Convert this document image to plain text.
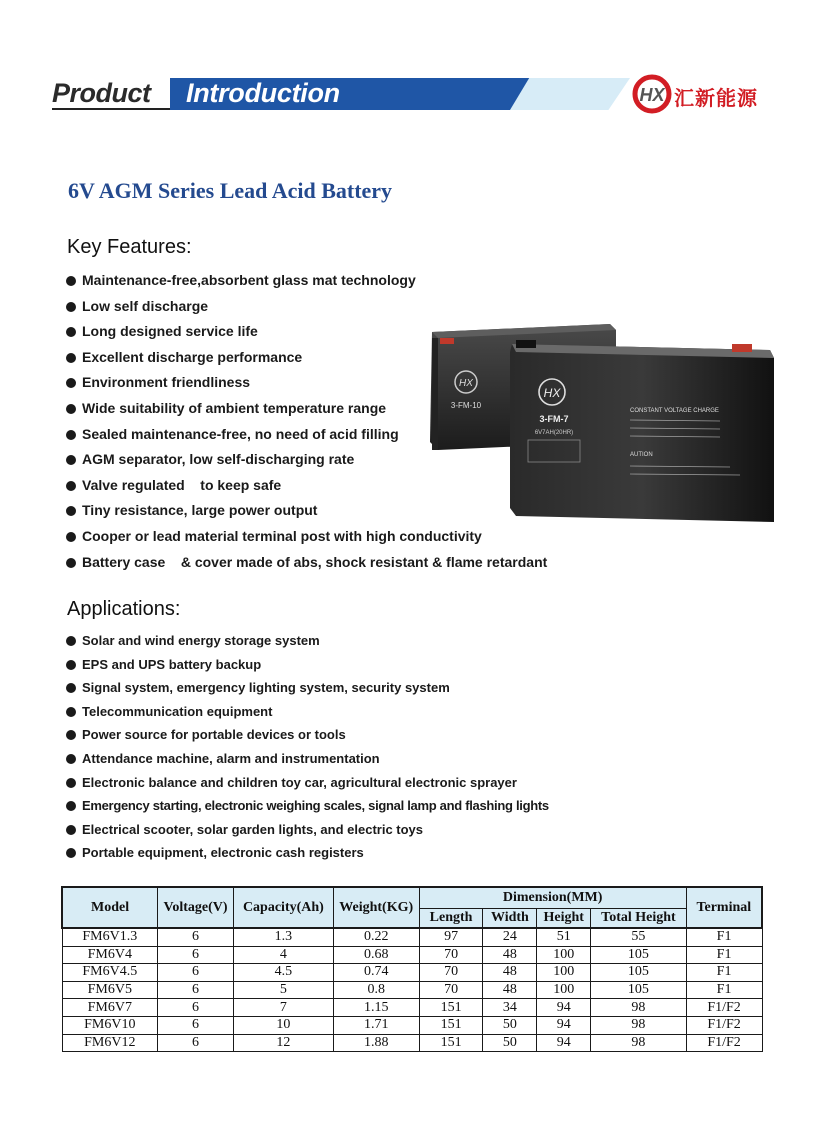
Product Introduction	HX 汇新能源
6V AGM Series Lead Acid Battery
Key Features:
Maintenance-free,absorbent glass mat technology
Low self discharge
Long designed service life
Excellent discharge performance
Environment friendliness
Wide suitability of ambient temperature range
Sealed maintenance-free, no need of acid filling
AGM separator, low self-discharging rate
Valve regulated    to keep safe
Tiny resistance, large power output
Cooper or lead material terminal post with high conductivity
Battery case    & cover made of abs, shock resistant & flame retardant
HX
3-FM-10
HX
3-FM-7
6V7AH(20HR)
CONSTANT VOLTAGE CHARGE
AUTION
Applications:
Solar and wind energy storage system
EPS and UPS battery backup
Signal system, emergency lighting system, security system
Telecommunication equipment
Power source for portable devices or tools
Attendance machine, alarm and instrumentation
Electronic balance and children toy car, agricultural electronic sprayer
Emergency starting, electronic weighing scales, signal lamp and flashing lights
Electrical scooter, solar garden lights, and electric toys
Portable equipment, electronic cash registers
Model	Voltage(V)	Capacity(Ah)	Weight(KG)	Dimension(MM)				Terminal
				Length	Width	Height	Total Height	
FM6V1.3	6	1.3	0.22	97	24	51	55	F1
FM6V4	6	4	0.68	70	48	100	105	F1
FM6V4.5	6	4.5	0.74	70	48	100	105	F1
FM6V5	6	5	0.8	70	48	100	105	F1
FM6V7	6	7	1.15	151	34	94	98	F1/F2
FM6V10	6	10	1.71	151	50	94	98	F1/F2
FM6V12	6	12	1.88	151	50	94	98	F1/F2
